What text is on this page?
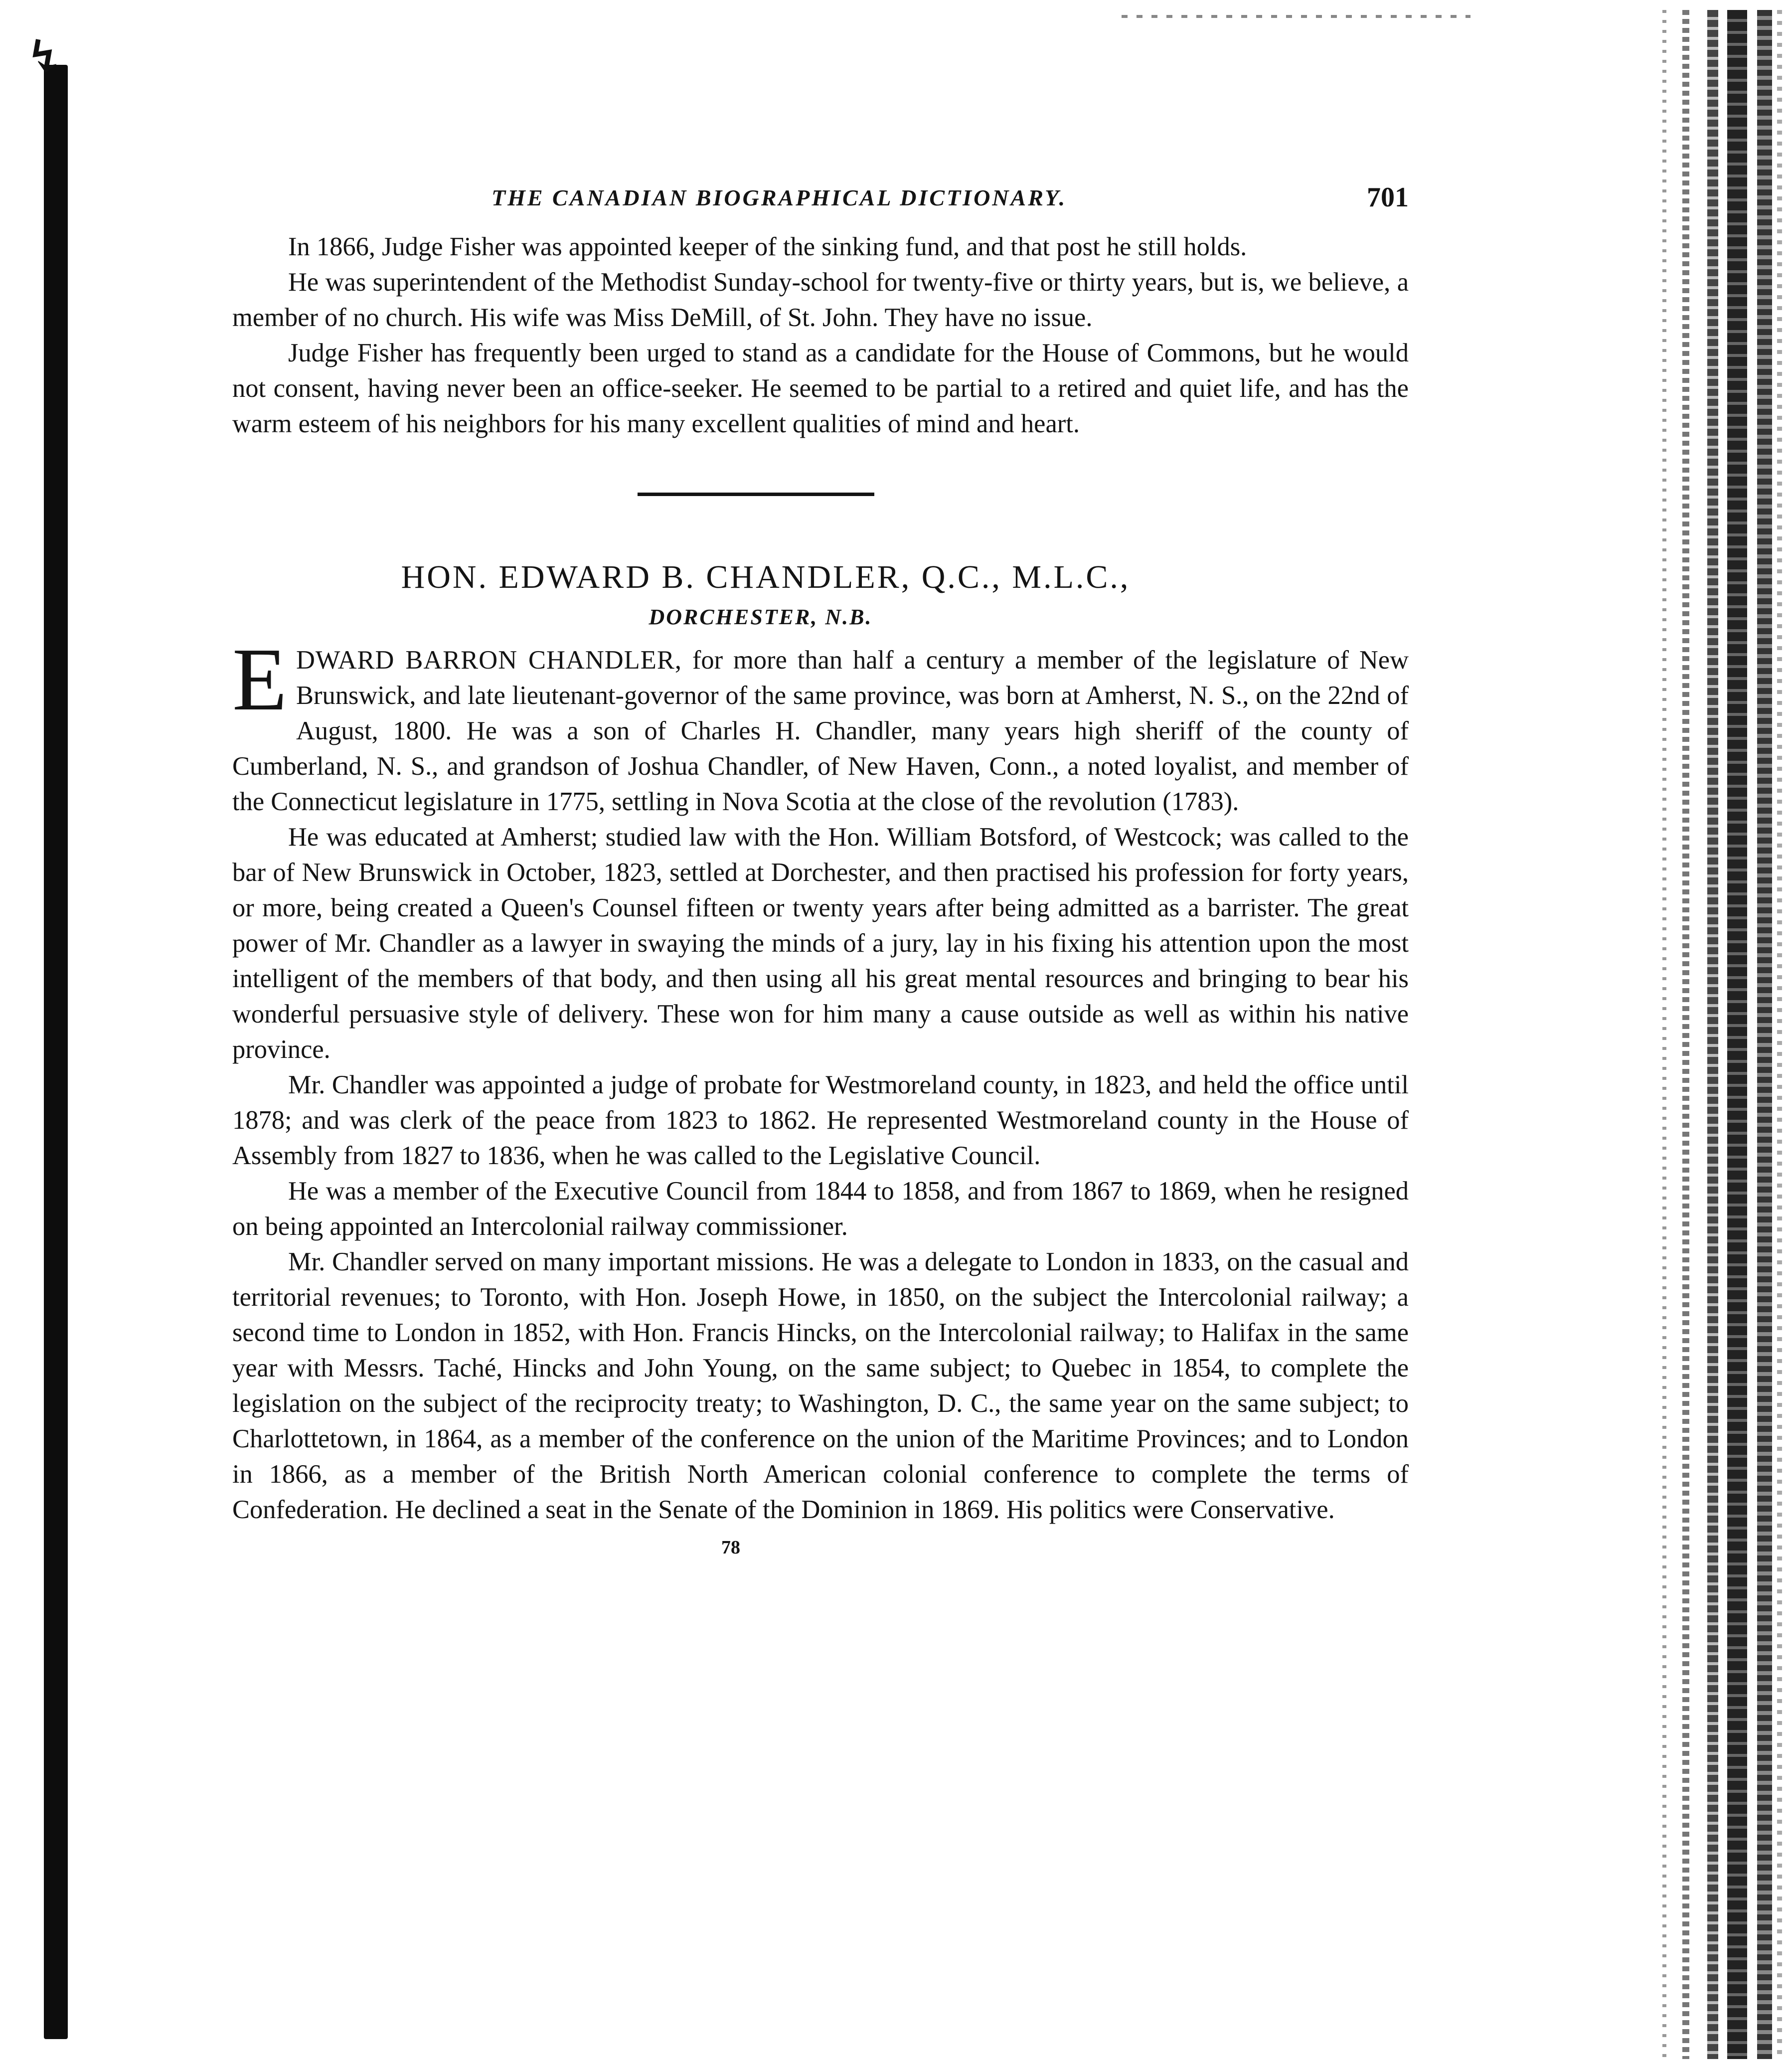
↯
THE CANADIAN BIOGRAPHICAL DICTIONARY.	701

In 1866, Judge Fisher was appointed keeper of the sinking fund, and that post he still holds.

He was superintendent of the Methodist Sunday-school for twenty-five or thirty years, but is, we believe, a member of no church. His wife was Miss DeMill, of St. John. They have no issue.

Judge Fisher has frequently been urged to stand as a candidate for the House of Commons, but he would not consent, having never been an office-seeker. He seemed to be partial to a retired and quiet life, and has the warm esteem of his neighbors for his many excellent qualities of mind and heart.

HON. EDWARD B. CHANDLER, Q.C., M.L.C.,
DORCHESTER, N.B.

EDWARD BARRON CHANDLER, for more than half a century a member of the legislature of New Brunswick, and late lieutenant-governor of the same province, was born at Amherst, N. S., on the 22nd of August, 1800. He was a son of Charles H. Chandler, many years high sheriff of the county of Cumberland, N. S., and grandson of Joshua Chandler, of New Haven, Conn., a noted loyalist, and member of the Connecticut legislature in 1775, settling in Nova Scotia at the close of the revolution (1783).

He was educated at Amherst; studied law with the Hon. William Botsford, of Westcock; was called to the bar of New Brunswick in October, 1823, settled at Dorchester, and then practised his profession for forty years, or more, being created a Queen's Counsel fifteen or twenty years after being admitted as a barrister. The great power of Mr. Chandler as a lawyer in swaying the minds of a jury, lay in his fixing his attention upon the most intelligent of the members of that body, and then using all his great mental resources and bringing to bear his wonderful persuasive style of delivery. These won for him many a cause outside as well as within his native province.

Mr. Chandler was appointed a judge of probate for Westmoreland county, in 1823, and held the office until 1878; and was clerk of the peace from 1823 to 1862. He represented Westmoreland county in the House of Assembly from 1827 to 1836, when he was called to the Legislative Council.

He was a member of the Executive Council from 1844 to 1858, and from 1867 to 1869, when he resigned on being appointed an Intercolonial railway commissioner.

Mr. Chandler served on many important missions. He was a delegate to London in 1833, on the casual and territorial revenues; to Toronto, with Hon. Joseph Howe, in 1850, on the subject the Intercolonial railway; a second time to London in 1852, with Hon. Francis Hincks, on the Intercolonial railway; to Halifax in the same year with Messrs. Taché, Hincks and John Young, on the same subject; to Quebec in 1854, to complete the legislation on the subject of the reciprocity treaty; to Washington, D. C., the same year on the same subject; to Charlottetown, in 1864, as a member of the conference on the union of the Maritime Provinces; and to London in 1866, as a member of the British North American colonial conference to complete the terms of Confederation. He declined a seat in the Senate of the Dominion in 1869. His politics were Conservative.

78
